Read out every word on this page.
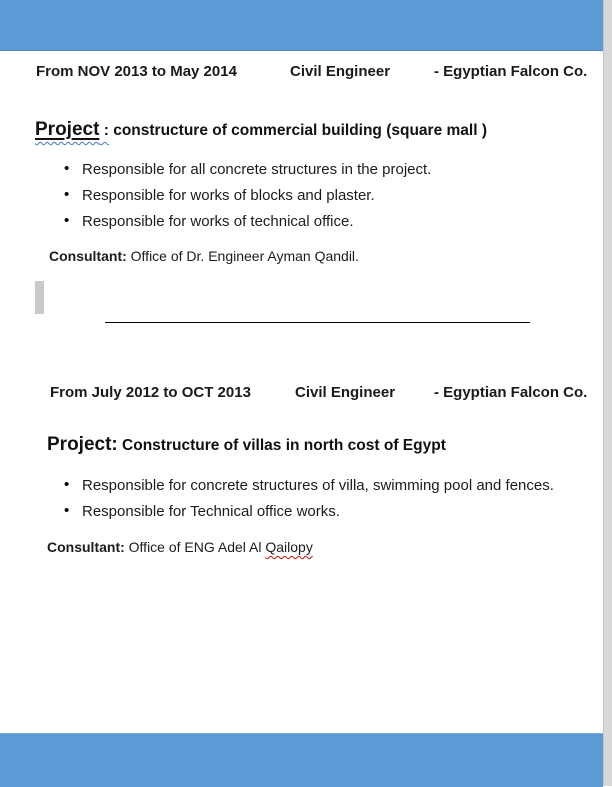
From NOV 2013 to May 2014	Civil Engineer	- Egyptian Falcon Co.
Project : constructure of commercial building (square mall )
• Responsible for all concrete structures in the project.
• Responsible for works of blocks and plaster.
• Responsible for works of technical office.
Consultant: Office of Dr. Engineer Ayman Qandil.
From July 2012 to OCT 2013	Civil Engineer	- Egyptian Falcon Co.
Project: Constructure of villas in north cost of Egypt
• Responsible for concrete structures of villa, swimming pool and fences.
• Responsible for Technical office works.
Consultant: Office of ENG Adel Al Qailopy
